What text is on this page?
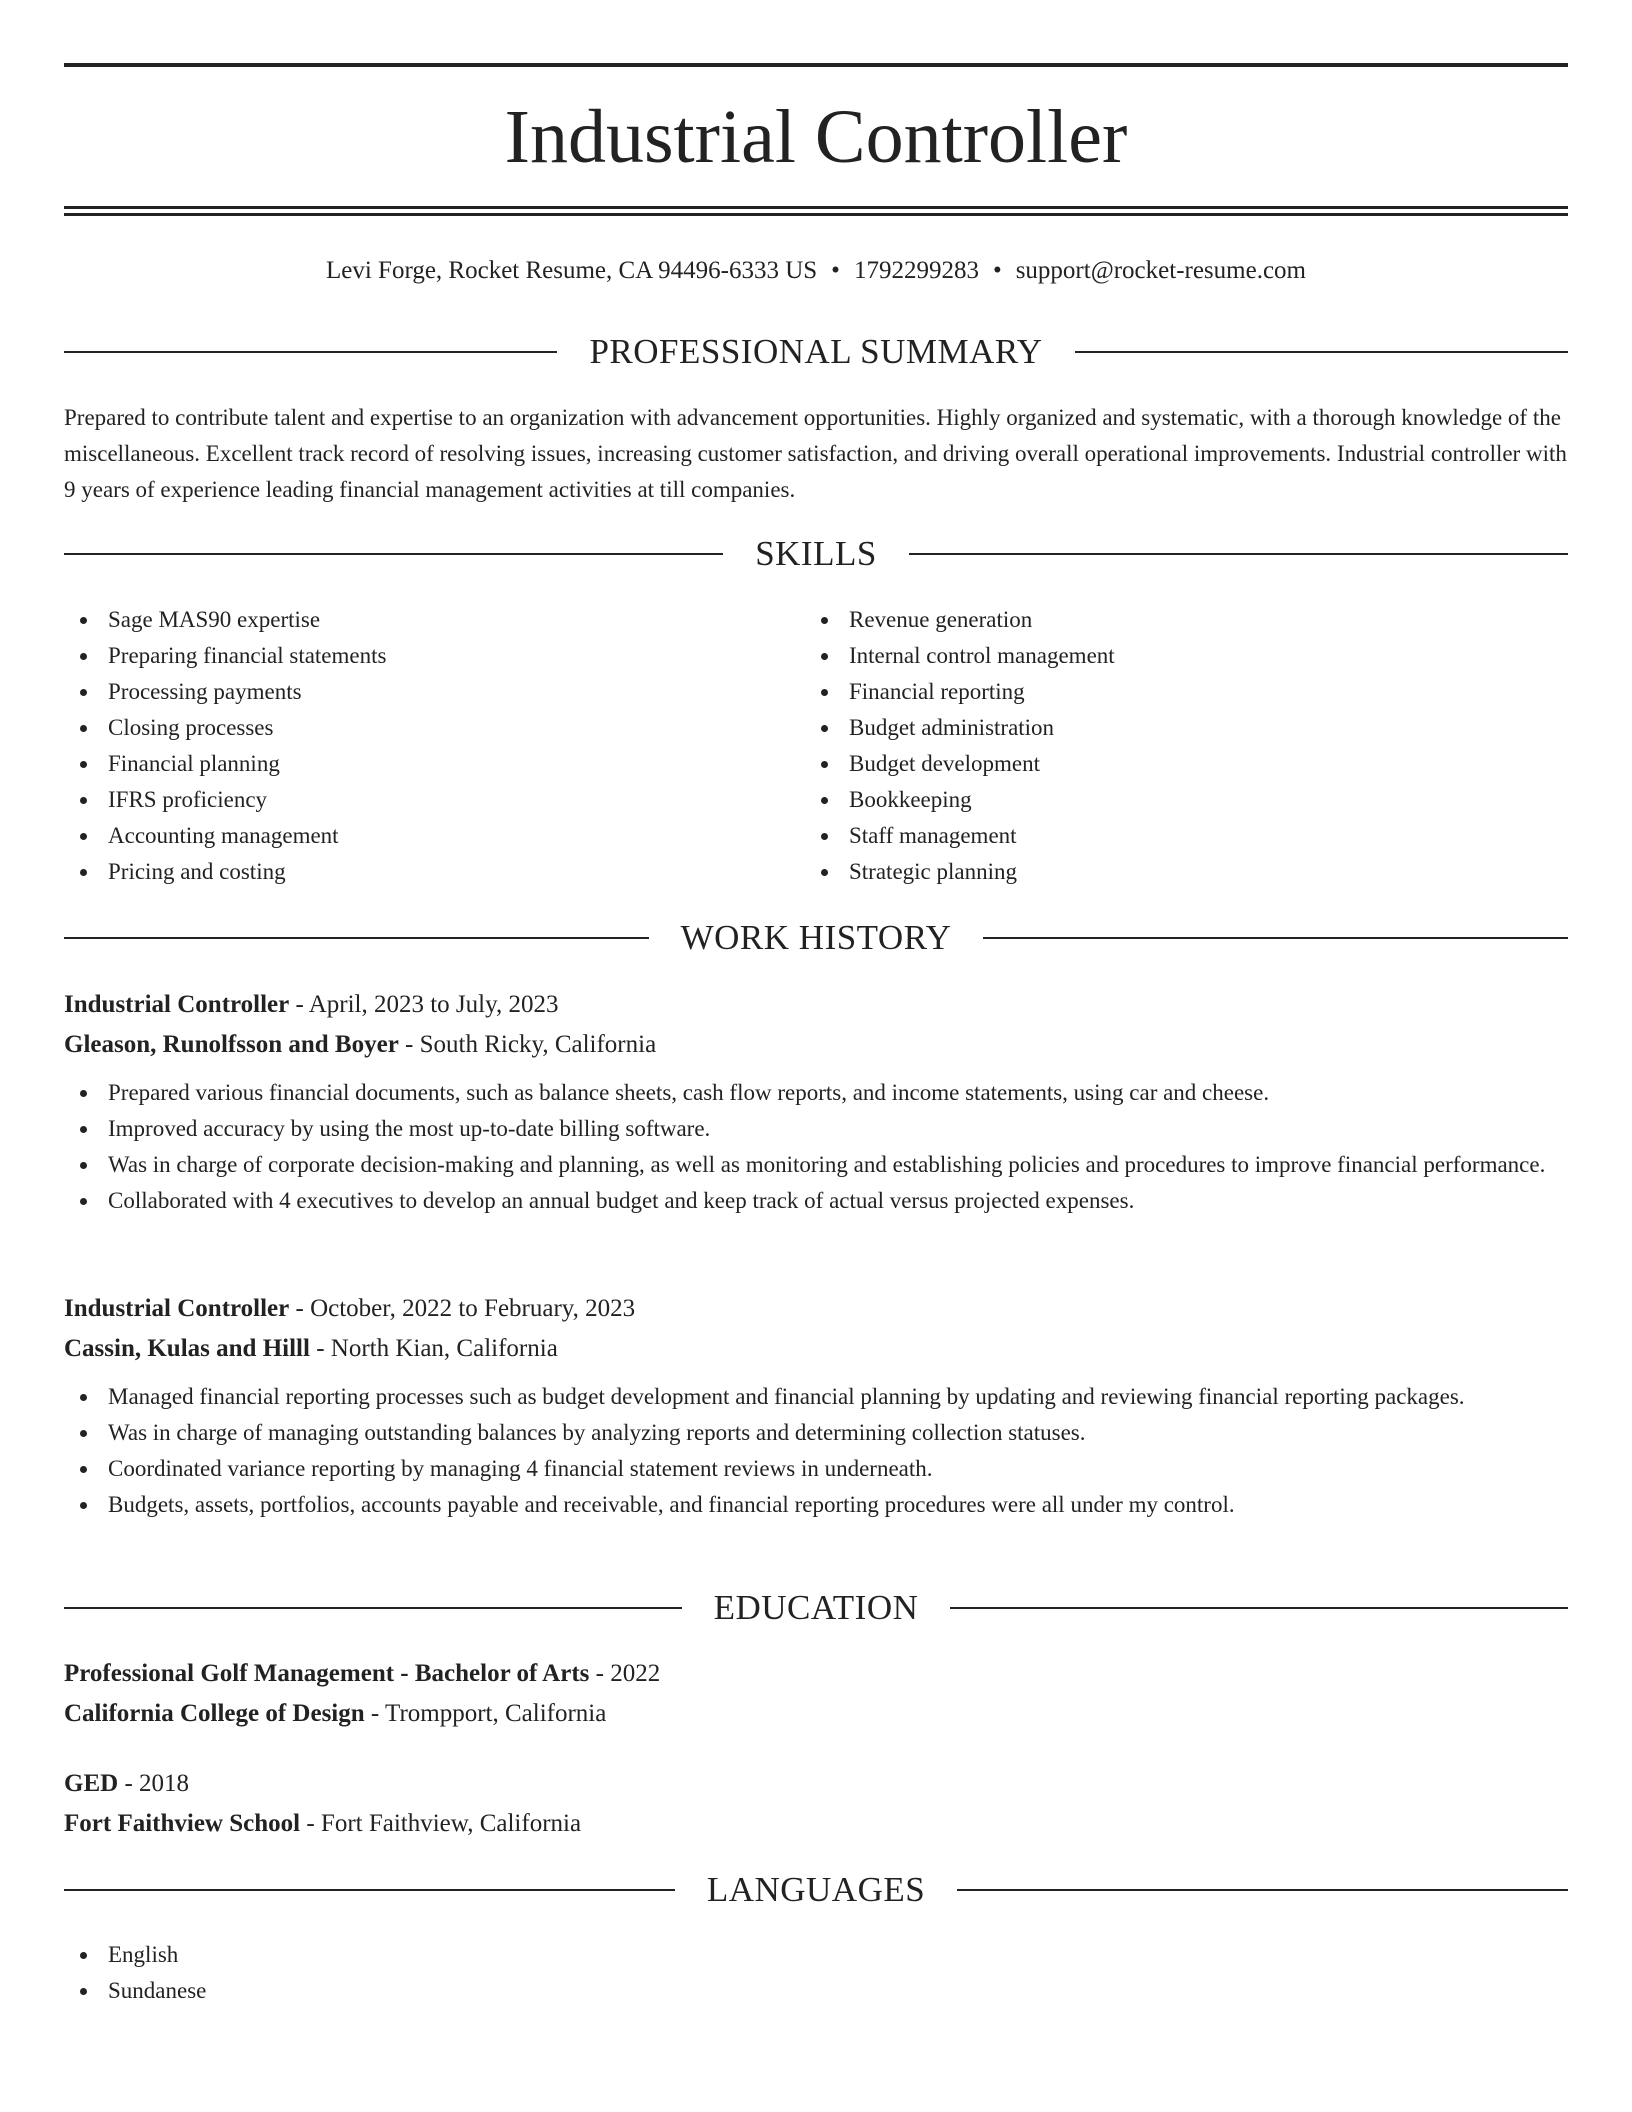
Industrial Controller
Levi Forge, Rocket Resume, CA 94496-6333 US • 1792299283 • support@rocket-resume.com
PROFESSIONAL SUMMARY

Prepared to contribute talent and expertise to an organization with advancement opportunities. Highly organized and systematic, with a thorough knowledge of the miscellaneous. Excellent track record of resolving issues, increasing customer satisfaction, and driving overall operational improvements. Industrial controller with 9 years of experience leading financial management activities at till companies.

SKILLS
Sage MAS90 expertise
Preparing financial statements
Processing payments
Closing processes
Financial planning
IFRS proficiency
Accounting management
Pricing and costing
Revenue generation
Internal control management
Financial reporting
Budget administration
Budget development
Bookkeeping
Staff management
Strategic planning
WORK HISTORY
Industrial Controller - April, 2023 to July, 2023
Gleason, Runolfsson and Boyer - South Ricky, California
Prepared various financial documents, such as balance sheets, cash flow reports, and income statements, using car and cheese.
Improved accuracy by using the most up-to-date billing software.
Was in charge of corporate decision-making and planning, as well as monitoring and establishing policies and procedures to improve financial performance.
Collaborated with 4 executives to develop an annual budget and keep track of actual versus projected expenses.
Industrial Controller - October, 2022 to February, 2023
Cassin, Kulas and Hilll - North Kian, California
Managed financial reporting processes such as budget development and financial planning by updating and reviewing financial reporting packages.
Was in charge of managing outstanding balances by analyzing reports and determining collection statuses.
Coordinated variance reporting by managing 4 financial statement reviews in underneath.
Budgets, assets, portfolios, accounts payable and receivable, and financial reporting procedures were all under my control.
EDUCATION
Professional Golf Management - Bachelor of Arts - 2022
California College of Design - Trompport, California
GED - 2018
Fort Faithview School - Fort Faithview, California
LANGUAGES
English
Sundanese
